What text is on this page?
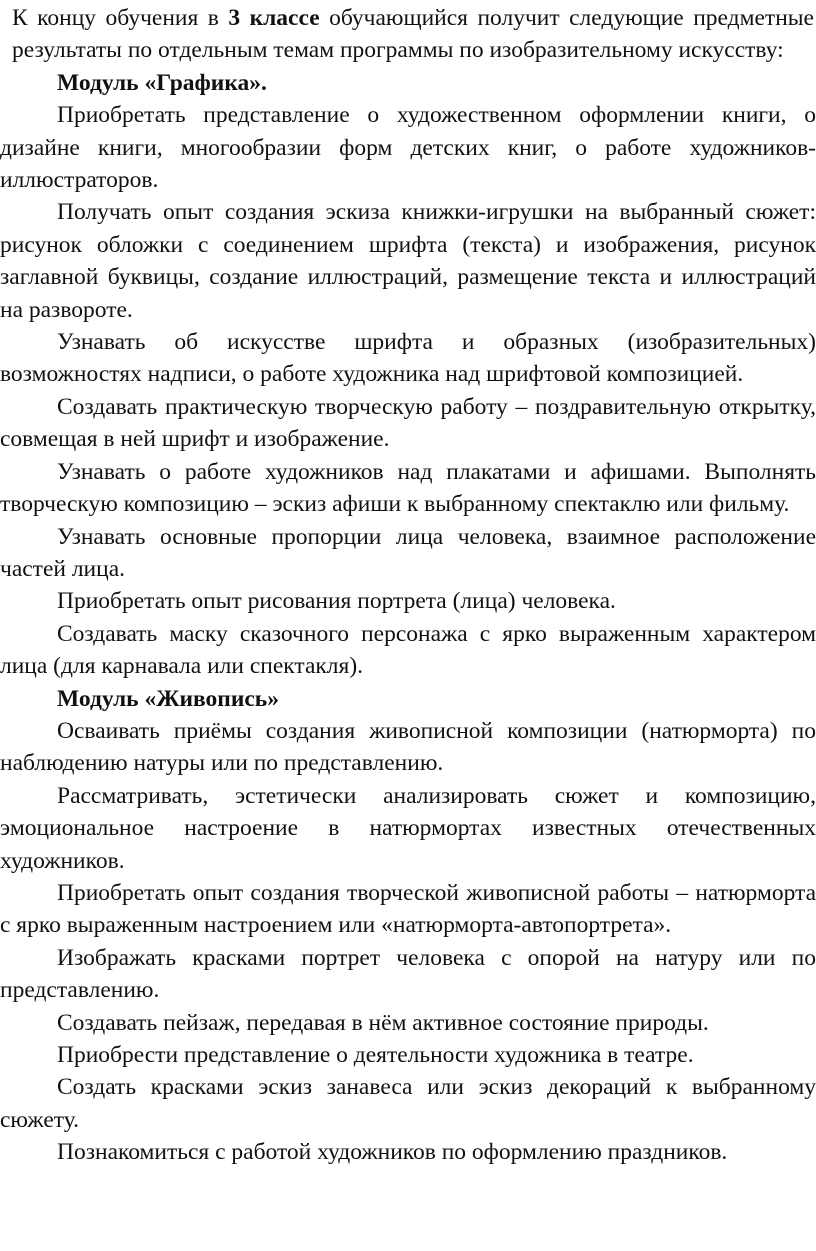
К концу обучения в 3 классе обучающийся получит следующие предметные результаты по отдельным темам программы по изобразительному искусству:

Модуль «Графика».

Приобретать представление о художественном оформлении книги, о дизайне книги, многообразии форм детских книг, о работе художников-иллюстраторов.

Получать опыт создания эскиза книжки-игрушки на выбранный сюжет: рисунок обложки с соединением шрифта (текста) и изображения, рисунок заглавной буквицы, создание иллюстраций, размещение текста и иллюстраций на развороте.

Узнавать об искусстве шрифта и образных (изобразительных) возможностях надписи, о работе художника над шрифтовой композицией.

Создавать практическую творческую работу – поздравительную открытку, совмещая в ней шрифт и изображение.

Узнавать о работе художников над плакатами и афишами. Выполнять творческую композицию – эскиз афиши к выбранному спектаклю или фильму.

Узнавать основные пропорции лица человека, взаимное расположение частей лица.

Приобретать опыт рисования портрета (лица) человека.

Создавать маску сказочного персонажа с ярко выраженным характером лица (для карнавала или спектакля).

Модуль «Живопись»

Осваивать приёмы создания живописной композиции (натюрморта) по наблюдению натуры или по представлению.

Рассматривать, эстетически анализировать сюжет и композицию, эмоциональное настроение в натюрмортах известных отечественных художников.

Приобретать опыт создания творческой живописной работы – натюрморта с ярко выраженным настроением или «натюрморта-автопортрета».

Изображать красками портрет человека с опорой на натуру или по представлению.

Создавать пейзаж, передавая в нём активное состояние природы.

Приобрести представление о деятельности художника в театре.

Создать красками эскиз занавеса или эскиз декораций к выбранному сюжету.

Познакомиться с работой художников по оформлению праздников.
